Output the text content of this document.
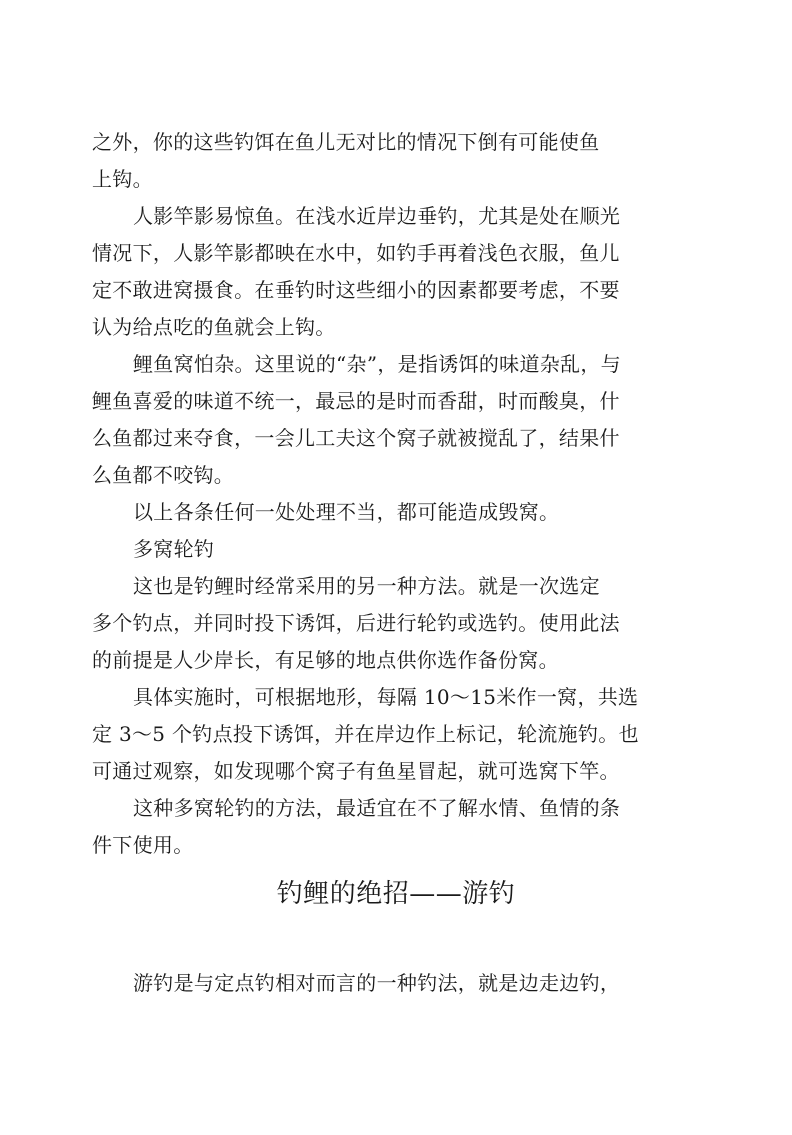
之外，你的这些钓饵在鱼儿无对比的情况下倒有可能使鱼
上钩。
人影竿影易惊鱼。在浅水近岸边垂钓，尤其是处在顺光
情况下，人影竿影都映在水中，如钓手再着浅色衣服，鱼儿
定不敢进窝摄食。在垂钓时这些细小的因素都要考虑，不要
认为给点吃的鱼就会上钩。
鲤鱼窝怕杂。这里说的“杂”，是指诱饵的味道杂乱，与
鲤鱼喜爱的味道不统一，最忌的是时而香甜，时而酸臭，什
么鱼都过来夺食，一会儿工夫这个窝子就被搅乱了，结果什
么鱼都不咬钩。
以上各条任何一处处理不当，都可能造成毁窝。
多窝轮钓
这也是钓鲤时经常采用的另一种方法。就是一次选定
多个钓点，并同时投下诱饵，后进行轮钓或选钓。使用此法
的前提是人少岸长，有足够的地点供你选作备份窝。
具体实施时，可根据地形，每隔 10～15米作一窝，共选
定 3～5 个钓点投下诱饵，并在岸边作上标记，轮流施钓。也
可通过观察，如发现哪个窝子有鱼星冒起，就可选窝下竿。
这种多窝轮钓的方法，最适宜在不了解水情、鱼情的条
件下使用。
钓鲤的绝招——游钓
游钓是与定点钓相对而言的一种钓法，就是边走边钓，
